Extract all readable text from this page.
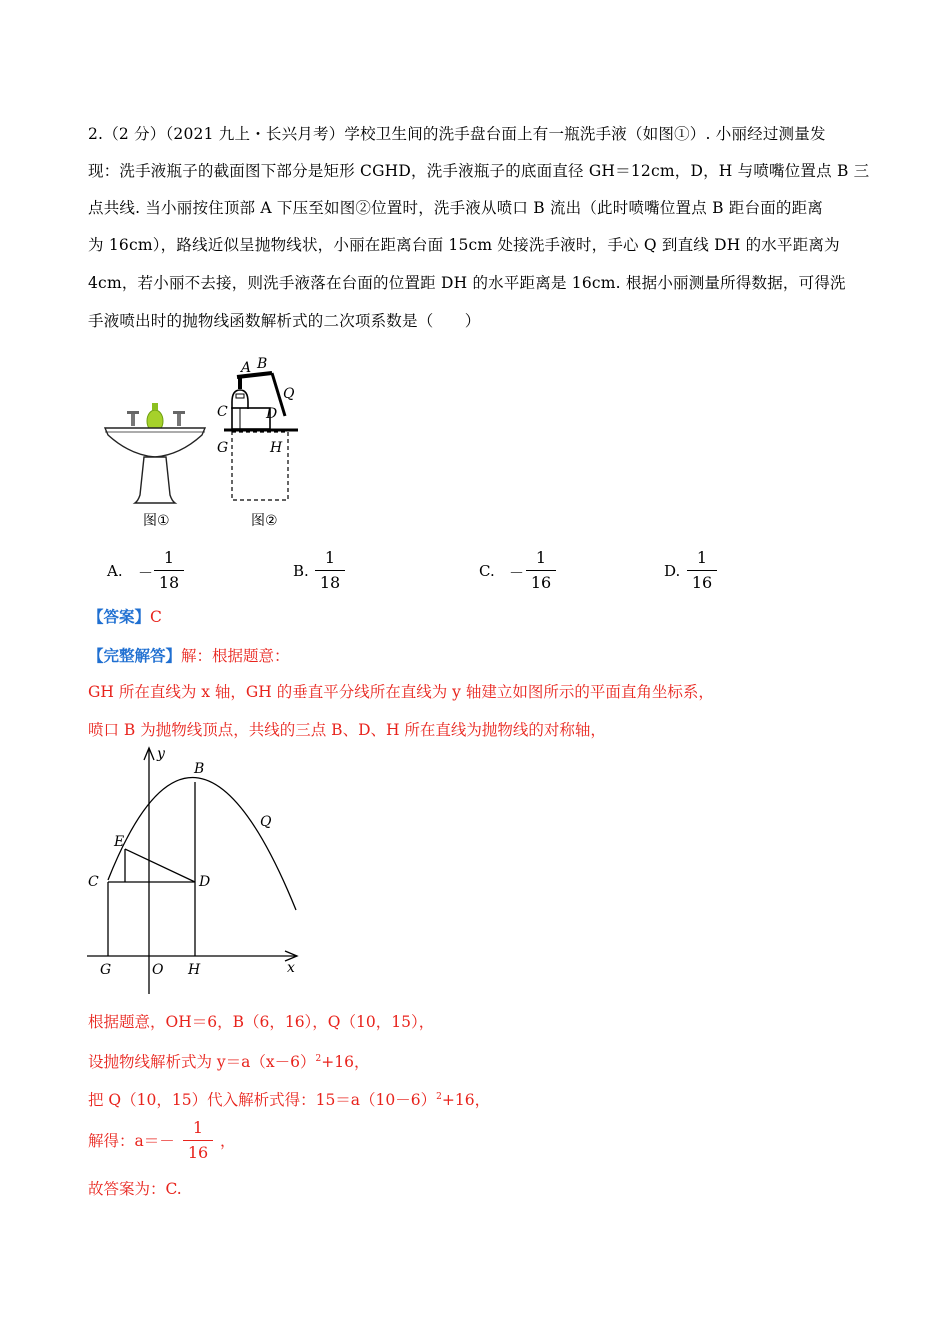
2.（2 分）（2021 九上・长兴月考）学校卫生间的洗手盘台面上有一瓶洗手液（如图①）. 小丽经过测量发
现：洗手液瓶子的截面图下部分是矩形 CGHD，洗手液瓶子的底面直径 GH＝12cm，D，H 与喷嘴位置点 B 三
点共线. 当小丽按住顶部 A 下压至如图②位置时，洗手液从喷口 B 流出（此时喷嘴位置点 B 距台面的距离
为 16cm），路线近似呈抛物线状，小丽在距离台面 15cm 处接洗手液时，手心 Q 到直线 DH 的水平距离为
4cm，若小丽不去接，则洗手液落在台面的位置距 DH 的水平距离是 16cm. 根据小丽测量所得数据，可得洗
手液喷出时的抛物线函数解析式的二次项系数是（　　）
图①
A B
Q
C	D
G	H
图②
A. －
1
18
B.
1
18
C. －
1
16
D.
1
16
【答案】C
【完整解答】解：根据题意：
GH 所在直线为 x 轴，GH 的垂直平分线所在直线为 y 轴建立如图所示的平面直角坐标系，
喷口 B 为抛物线顶点，共线的三点 B、D、H 所在直线为抛物线的对称轴，
y
B
Q
E
C	D
G	O H	x
根据题意，OH＝6，B（6，16），Q（10，15），
设抛物线解析式为 $y=a(x-6)^2+16$，
把 Q（10，15）代入解析式得：$15=a(10-6)^2+16$，
解得：a＝－
1
16
，
故答案为：C.
